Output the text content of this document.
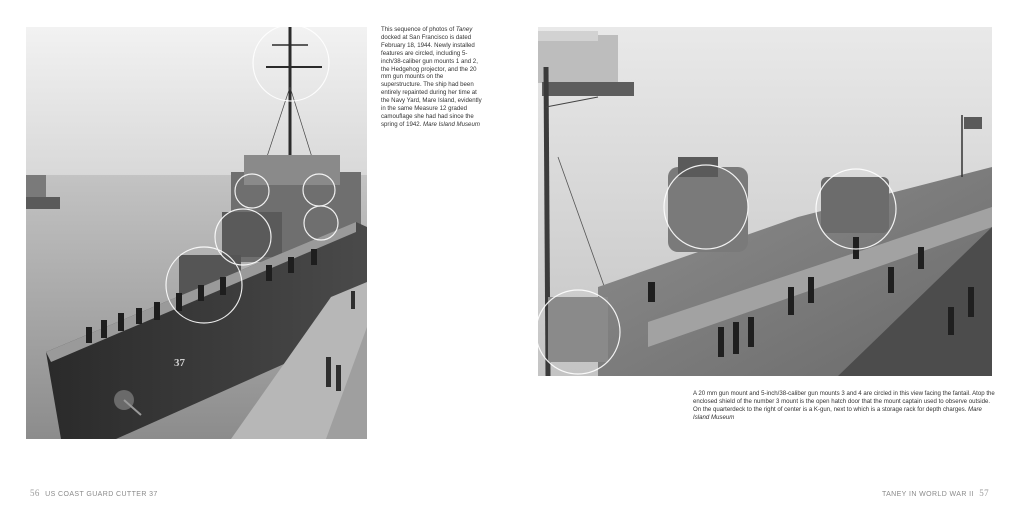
37

This sequence of photos of Taney docked at San Francisco is dated February 18, 1944. Newly installed features are circled, including 5-inch/38-caliber gun mounts 1 and 2, the Hedgehog projector, and the 20 mm gun mounts on the superstructure. The ship had been entirely repainted during her time at the Navy Yard, Mare Island, evidently in the same Measure 12 graded camouflage she had had since the spring of 1942. Mare Island Museum

56 US COAST GUARD CUTTER 37

A 20 mm gun mount and 5-inch/38-caliber gun mounts 3 and 4 are circled in this view facing the fantail. Atop the enclosed shield of the number 3 mount is the open hatch door that the mount captain used to observe outside. On the quarterdeck to the right of center is a K-gun, next to which is a storage rack for depth charges. Mare Island Museum

TANEY IN WORLD WAR II 57
